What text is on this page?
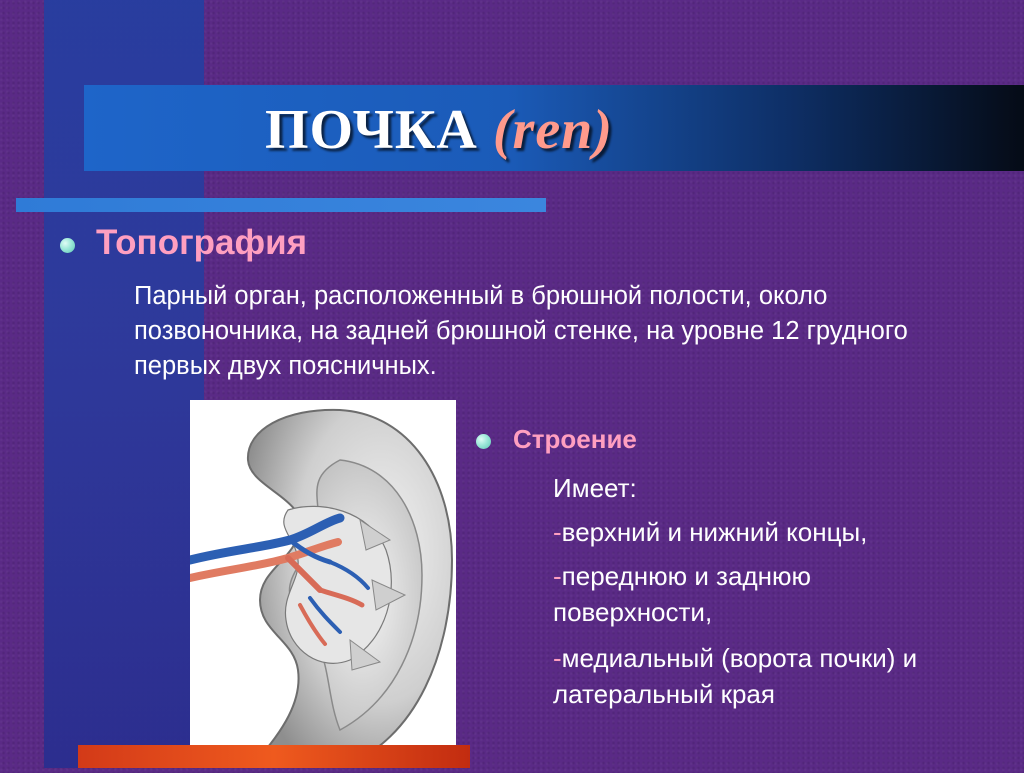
ПОЧКА (ren)
Топография
Парный орган, расположенный в брюшной полости, около позвоночника, на задней брюшной стенке, на уровне 12 грудного первых двух поясничных.
Строение
Имеет:
-верхний и нижний концы,
-переднюю и заднюю поверхности,
-медиальный (ворота почки) и латеральный края
